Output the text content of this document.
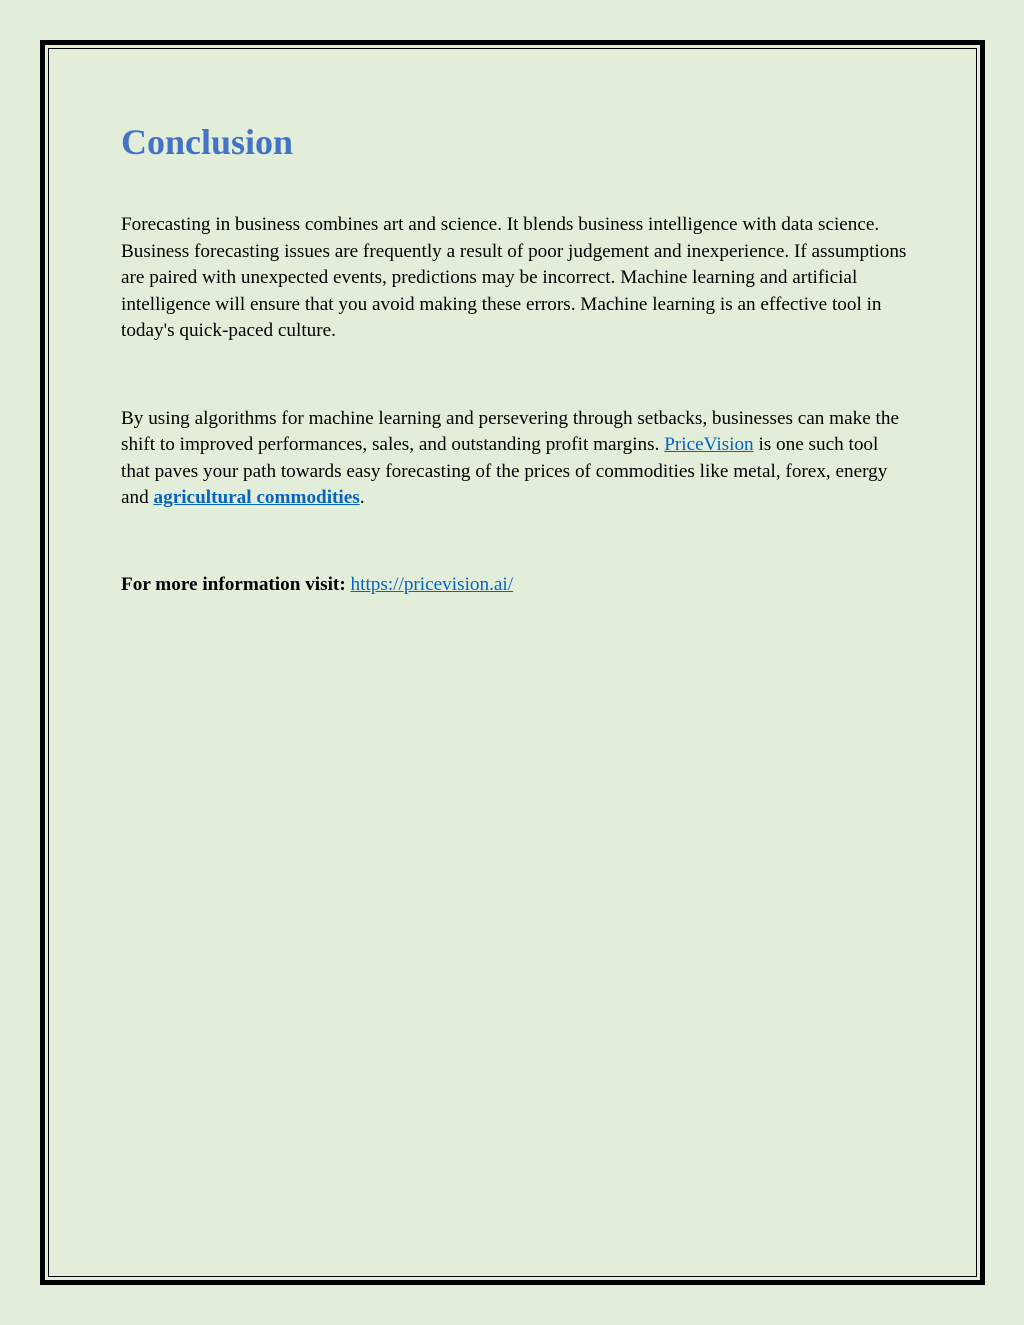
Conclusion

Forecasting in business combines art and science. It blends business intelligence with data science. Business forecasting issues are frequently a result of poor judgement and inexperience. If assumptions are paired with unexpected events, predictions may be incorrect. Machine learning and artificial intelligence will ensure that you avoid making these errors. Machine learning is an effective tool in today's quick-paced culture.

By using algorithms for machine learning and persevering through setbacks, businesses can make the shift to improved performances, sales, and outstanding profit margins. PriceVision is one such tool that paves your path towards easy forecasting of the prices of commodities like metal, forex, energy and agricultural commodities.

For more information visit: https://pricevision.ai/
